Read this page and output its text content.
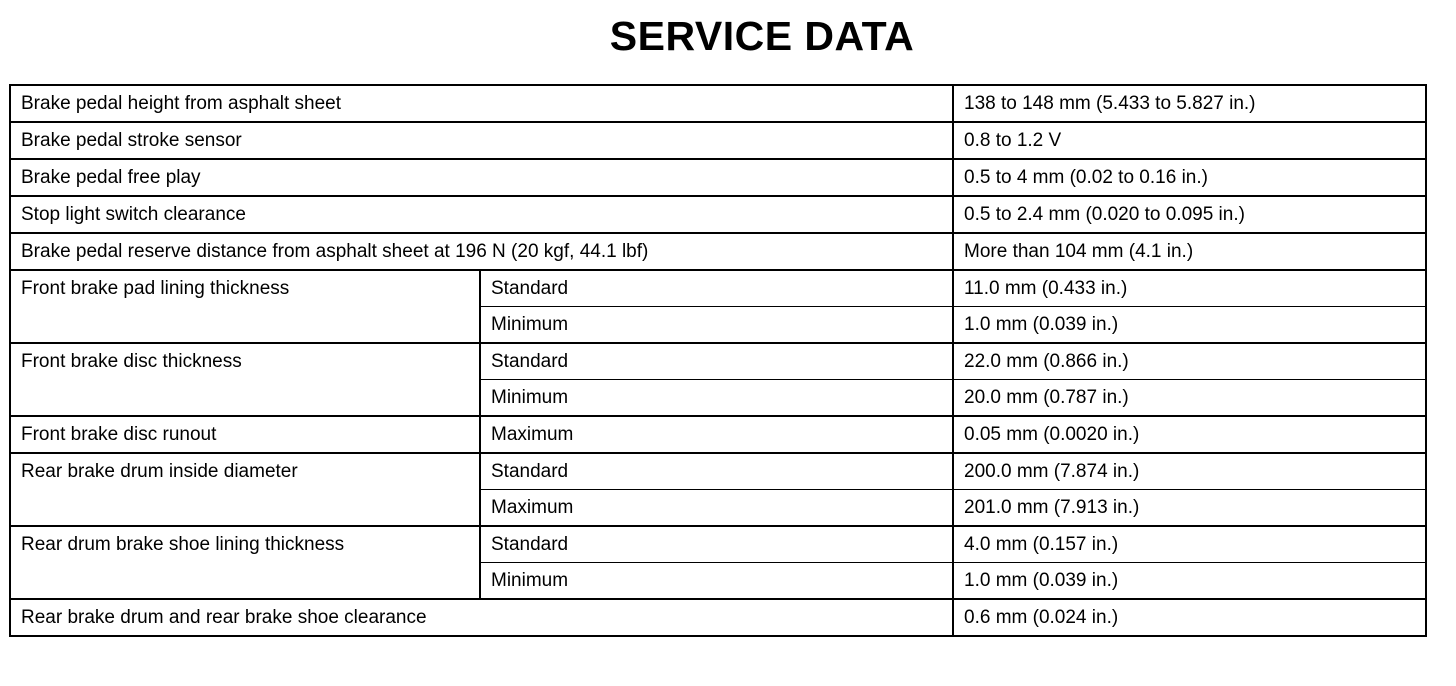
SERVICE DATA
Brake pedal height from asphalt sheet		138 to 148 mm (5.433 to 5.827 in.)
Brake pedal stroke sensor		0.8 to 1.2 V
Brake pedal free play		0.5 to 4 mm (0.02 to 0.16 in.)
Stop light switch clearance		0.5 to 2.4 mm (0.020 to 0.095 in.)
Brake pedal reserve distance from asphalt sheet at 196 N (20 kgf, 44.1 lbf)		More than 104 mm (4.1 in.)
Front brake pad lining thickness	Standard	11.0 mm (0.433 in.)
	Minimum	1.0 mm (0.039 in.)
Front brake disc thickness	Standard	22.0 mm (0.866 in.)
	Minimum	20.0 mm (0.787 in.)
Front brake disc runout	Maximum	0.05 mm (0.0020 in.)
Rear brake drum inside diameter	Standard	200.0 mm (7.874 in.)
	Maximum	201.0 mm (7.913 in.)
Rear drum brake shoe lining thickness	Standard	4.0 mm (0.157 in.)
	Minimum	1.0 mm (0.039 in.)
Rear brake drum and rear brake shoe clearance		0.6 mm (0.024 in.)
